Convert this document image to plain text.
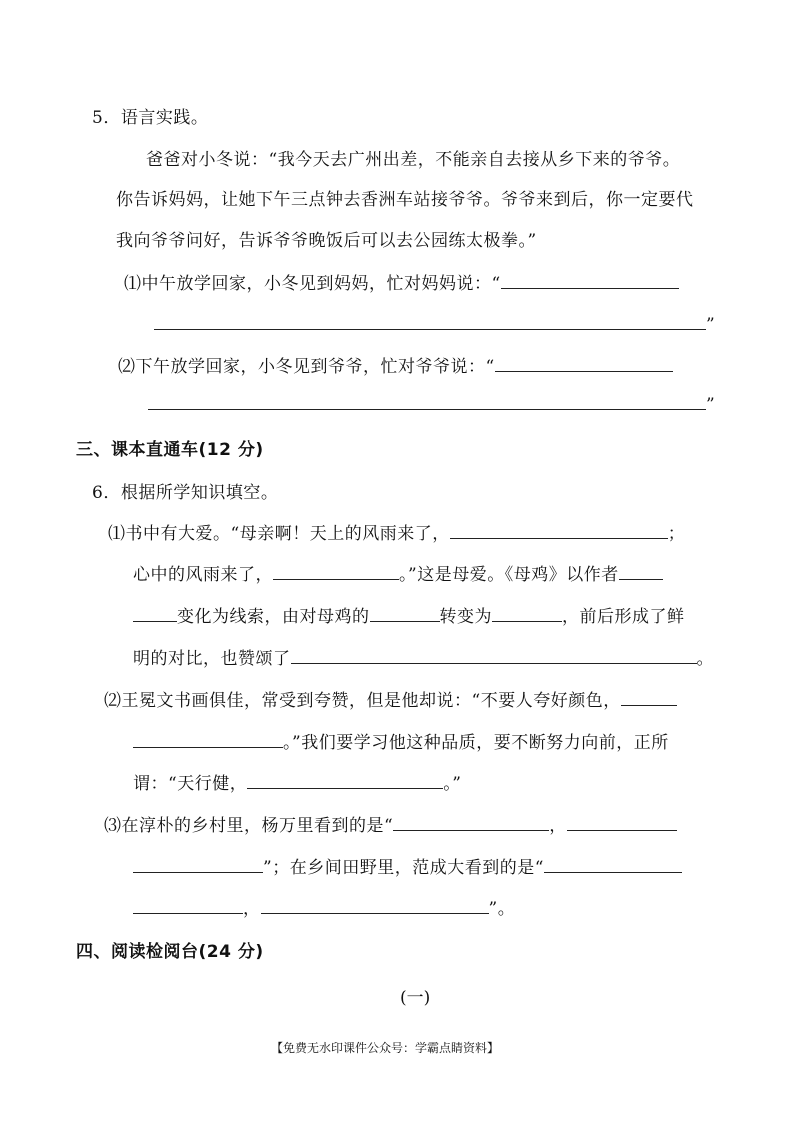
5．语言实践。
爸爸对小冬说：“我今天去广州出差，不能亲自去接从乡下来的爷爷。
你告诉妈妈，让她下午三点钟去香洲车站接爷爷。爷爷来到后，你一定要代
我向爷爷问好，告诉爷爷晚饭后可以去公园练太极拳。”
⑴中午放学回家，小冬见到妈妈，忙对妈妈说：“
”
⑵下午放学回家，小冬见到爷爷，忙对爷爷说：“
”
三、课本直通车(12 分)
6．根据所学知识填空。
⑴书中有大爱。“母亲啊！天上的风雨来了，	；
心中的风雨来了，	。”这是母爱。《母鸡》以作者
变化为线索，由对母鸡的	转变为	，前后形成了鲜
明的对比，也赞颂了	。
⑵王冕文书画俱佳，常受到夸赞，但是他却说：“不要人夸好颜色，
。”我们要学习他这种品质，要不断努力向前，正所
谓：“天行健，	。”
⑶在淳朴的乡村里，杨万里看到的是“	，
”；在乡间田野里，范成大看到的是“
，	”。
四、阅读检阅台(24 分)
(一)
【免费无水印课件公众号：学霸点睛资料】
